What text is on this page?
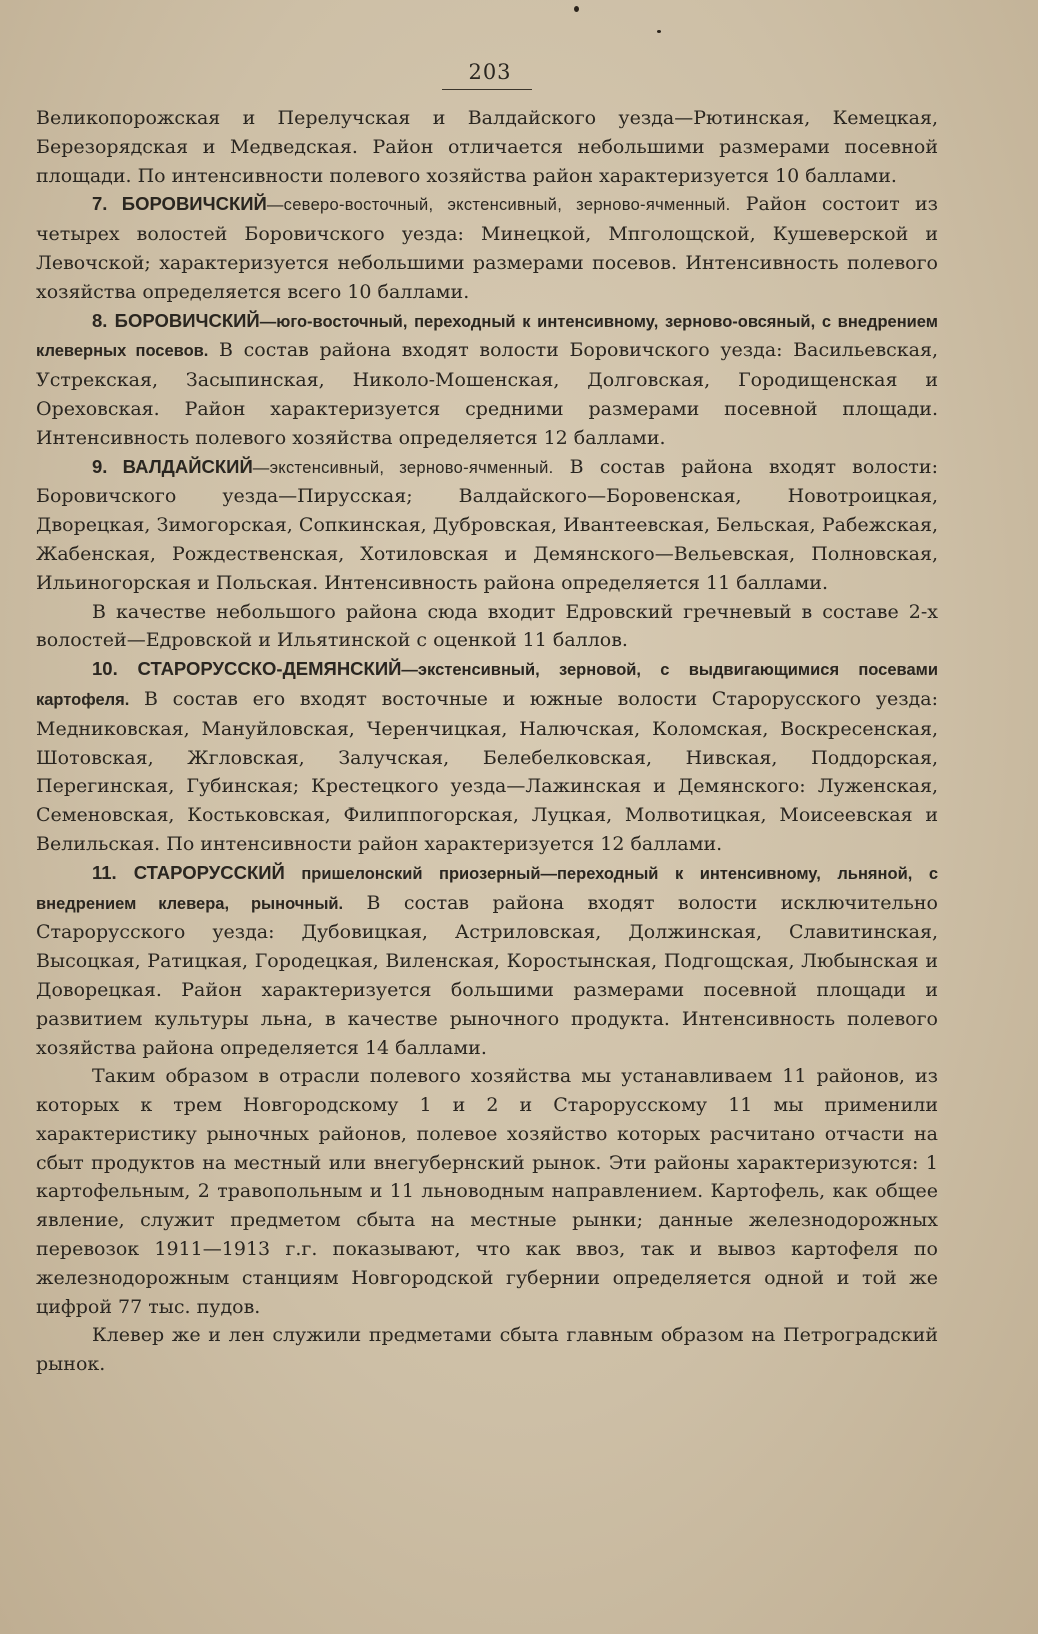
203

Великопорожская и Перелучская и Валдайского уезда—Рютинская, Кемецкая, Березорядская и Медведская. Район отличается небольшими размерами посевной площади. По интенсивности полевого хозяйства район характеризуется 10 баллами.

7. БОРОВИЧСКИЙ—северо-восточный, экстенсивный, зерново-ячменный. Район состоит из четырех волостей Боровичского уезда: Минецкой, Мпголощской, Кушеверской и Левочской; характеризуется небольшими размерами посевов. Интенсивность полевого хозяйства определяется всего 10 баллами.

8. БОРОВИЧСКИЙ—юго-восточный, переходный к интенсивному, зерново-овсяный, с внедрением клеверных посевов. В состав района входят волости Боровичского уезда: Васильевская, Устрекская, Засыпинская, Николо-Мошенская, Долговская, Городищенская и Ореховская. Район характеризуется средними размерами посевной площади. Интенсивность полевого хозяйства определяется 12 баллами.

9. ВАЛДАЙСКИЙ—экстенсивный, зерново-ячменный. В состав района входят волости: Боровичского уезда—Пирусская; Валдайского—Боровенская, Новотроицкая, Дворецкая, Зимогорская, Сопкинская, Дубровская, Ивантеевская, Бельская, Рабежская, Жабенская, Рождественская, Хотиловская и Демянского—Вельевская, Полновская, Ильиногорская и Польская. Интенсивность района определяется 11 баллами.

В качестве небольшого района сюда входит Едровский гречневый в составе 2-х волостей—Едровской и Ильятинской с оценкой 11 баллов.

10. СТАРОРУССКО-ДЕМЯНСКИЙ—экстенсивный, зерновой, с выдвигающимися посевами картофеля. В состав его входят восточные и южные волости Старорусского уезда: Медниковская, Мануйловская, Черенчицкая, Налючская, Коломская, Воскресенская, Шотовская, Жгловская, Залучская, Белебелковская, Нивская, Поддорская, Перегинская, Губинская; Крестецкого уезда—Лажинская и Демянского: Луженская, Семеновская, Костьковская, Филиппогорская, Луцкая, Молвотицкая, Моисеевская и Велильская. По интенсивности район характеризуется 12 баллами.

11. СТАРОРУССКИЙ пришелонский приозерный—переходный к интенсивному, льняной, с внедрением клевера, рыночный. В состав района входят волости исключительно Старорусского уезда: Дубовицкая, Астриловская, Должинская, Славитинская, Высоцкая, Ратицкая, Городецкая, Виленская, Коростынская, Подгощская, Любынская и Доворецкая. Район характеризуется большими размерами посевной площади и развитием культуры льна, в качестве рыночного продукта. Интенсивность полевого хозяйства района определяется 14 баллами.

Таким образом в отрасли полевого хозяйства мы устанавливаем 11 районов, из которых к трем Новгородскому 1 и 2 и Старорусскому 11 мы применили характеристику рыночных районов, полевое хозяйство которых расчитано отчасти на сбыт продуктов на местный или внегубернский рынок. Эти районы характеризуются: 1 картофельным, 2 травопольным и 11 льноводным направлением. Картофель, как общее явление, служит предметом сбыта на местные рынки; данные железнодорожных перевозок 1911—1913 г.г. показывают, что как ввоз, так и вывоз картофеля по железнодорожным станциям Новгородской губернии определяется одной и той же цифрой 77 тыс. пудов.

Клевер же и лен служили предметами сбыта главным образом на Петроградский рынок.
